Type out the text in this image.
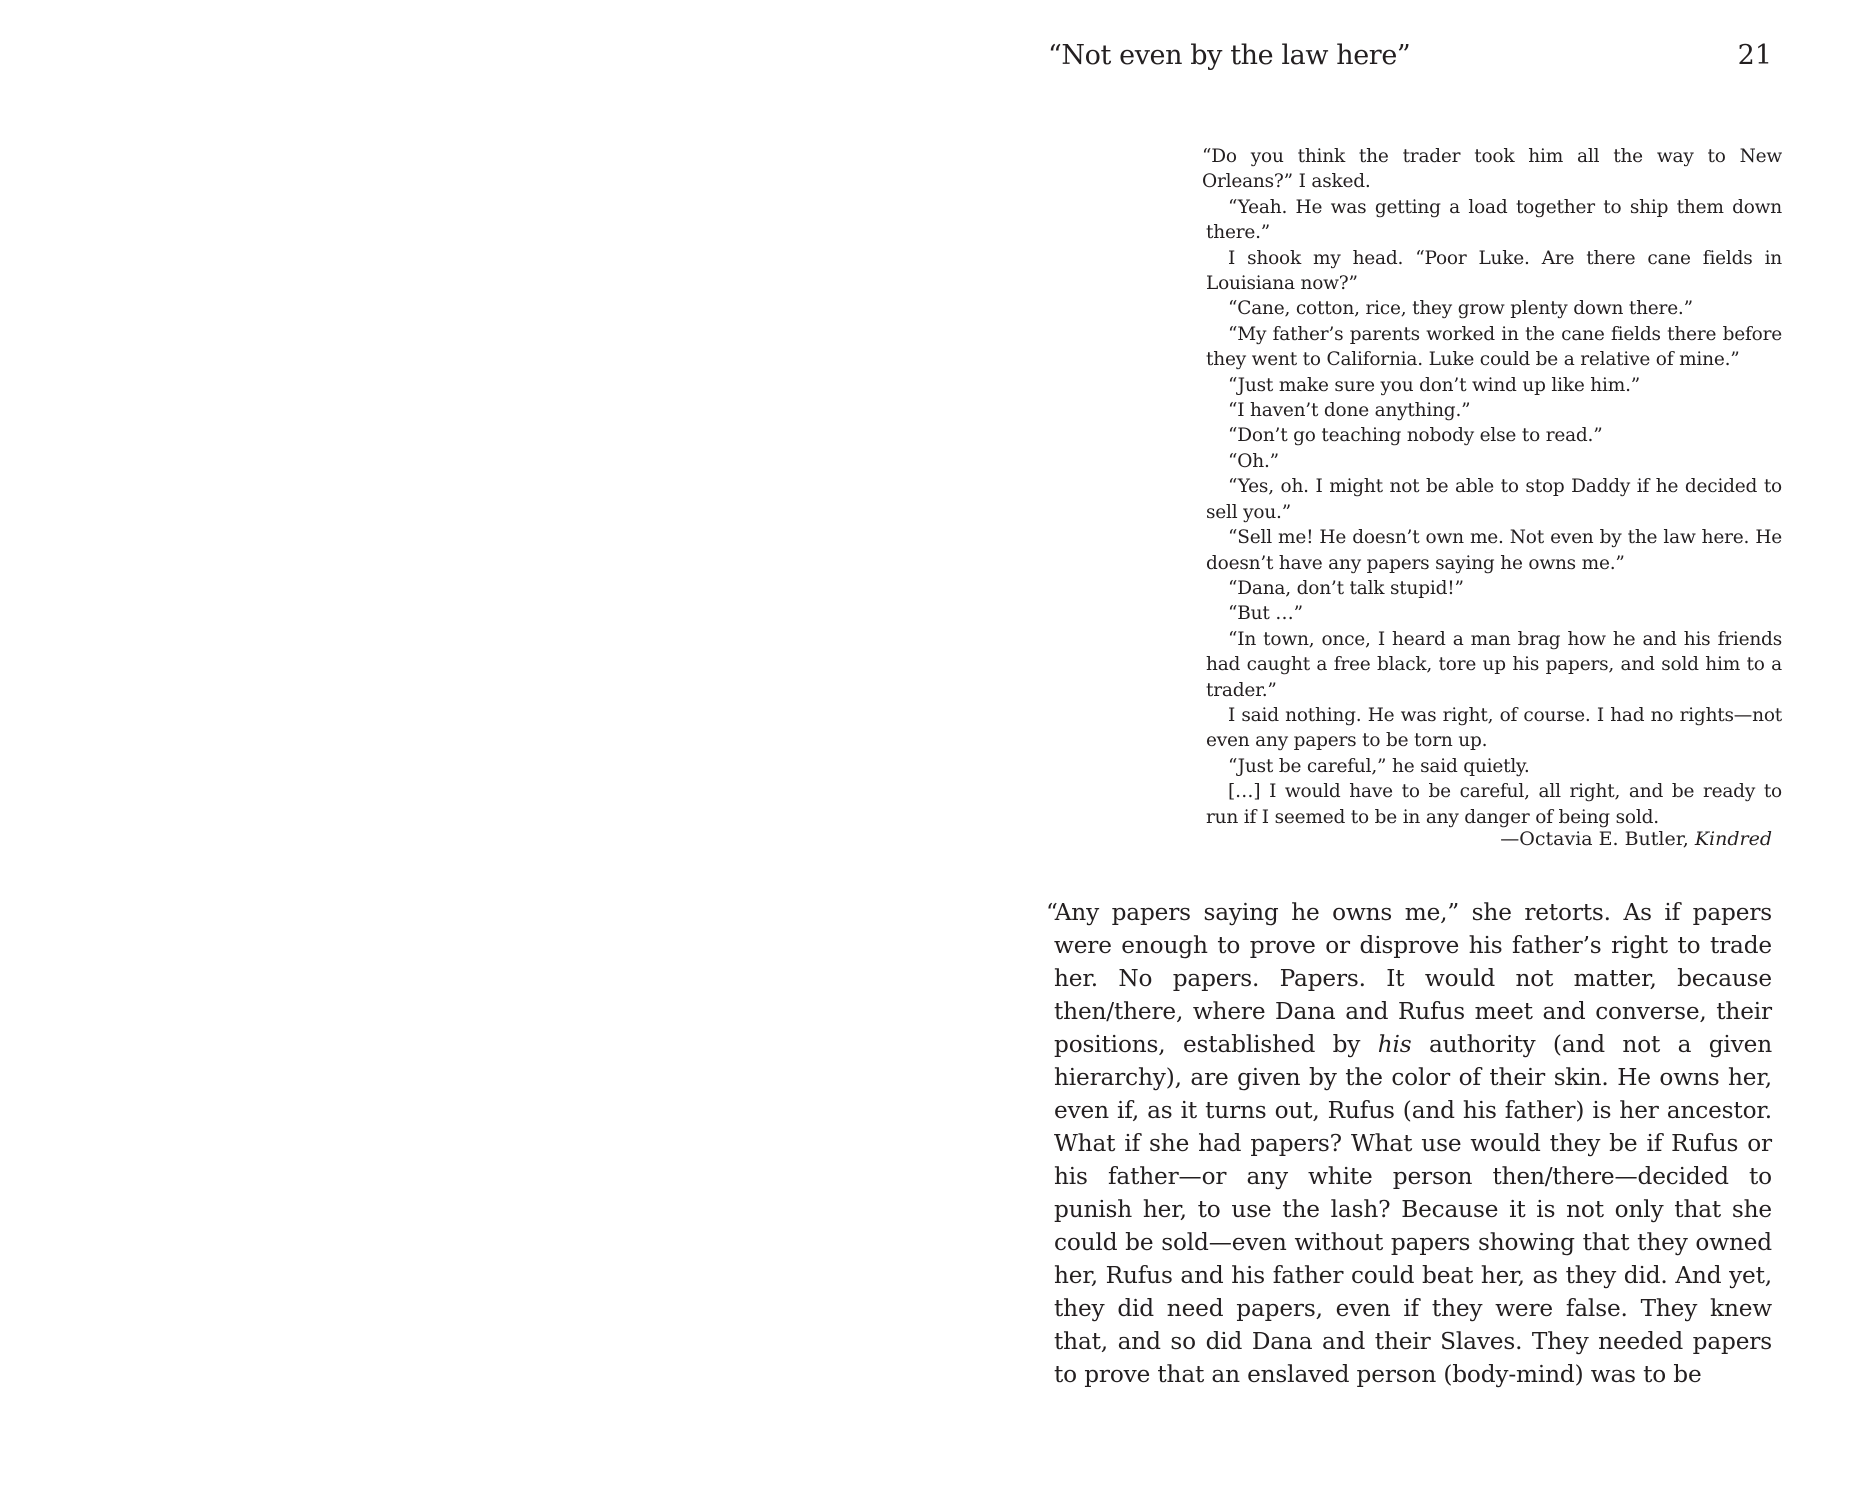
“Not even by the law here”	21

“Do you think the trader took him all the way to New Orleans?” I asked.

“Yeah. He was getting a load together to ship them down there.”

I shook my head. “Poor Luke. Are there cane fields in Louisiana now?”

“Cane, cotton, rice, they grow plenty down there.”

“My father’s parents worked in the cane fields there before they went to California. Luke could be a relative of mine.”

“Just make sure you don’t wind up like him.”

“I haven’t done anything.”

“Don’t go teaching nobody else to read.”

“Oh.”

“Yes, oh. I might not be able to stop Daddy if he decided to sell you.”

“Sell me! He doesn’t own me. Not even by the law here. He doesn’t have any papers saying he owns me.”

“Dana, don’t talk stupid!”

“But …”

“In town, once, I heard a man brag how he and his friends had caught a free black, tore up his papers, and sold him to a trader.”

I said nothing. He was right, of course. I had no rights—not even any papers to be torn up.

“Just be careful,” he said quietly.

[…] I would have to be careful, all right, and be ready to run if I seemed to be in any danger of being sold.

—Octavia E. Butler, Kindred

“Any papers saying he owns me,” she retorts. As if papers were enough to prove or disprove his father’s right to trade her. No papers. Papers. It would not matter, because then/there, where Dana and Rufus meet and converse, their positions, established by his authority (and not a given hierarchy), are given by the color of their skin. He owns her, even if, as it turns out, Rufus (and his father) is her ancestor. What if she had papers? What use would they be if Rufus or his father—or any white person then/there—decided to punish her, to use the lash? Because it is not only that she could be sold—even without papers showing that they owned her, Rufus and his father could beat her, as they did. And yet, they did need papers, even if they were false. They knew that, and so did Dana and their Slaves. They needed papers to prove that an enslaved person (body-mind) was to be
